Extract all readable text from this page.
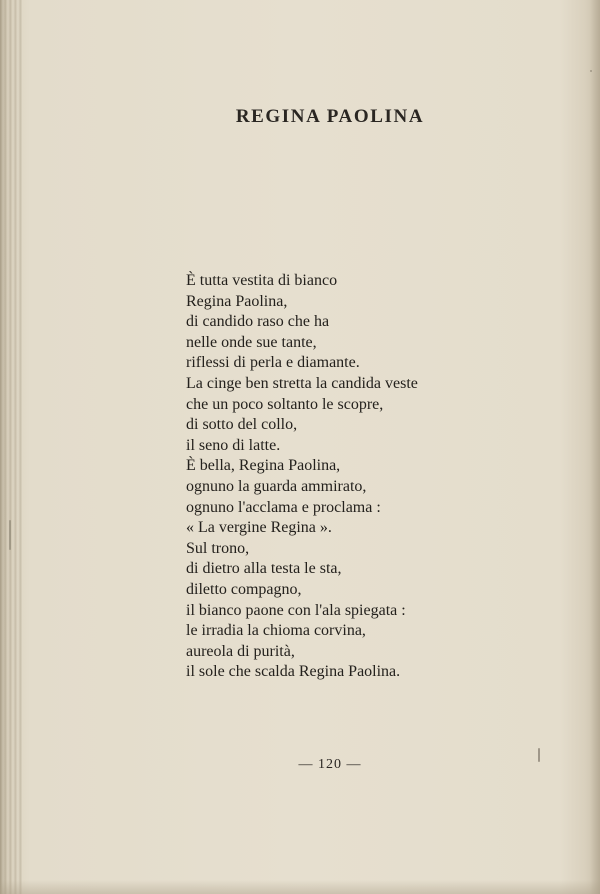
REGINA PAOLINA
È tutta vestita di bianco
Regina Paolina,
di candido raso che ha
nelle onde sue tante,
riflessi di perla e diamante.
La cinge ben stretta la candida veste
che un poco soltanto le scopre,
di sotto del collo,
il seno di latte.
È bella, Regina Paolina,
ognuno la guarda ammirato,
ognuno l'acclama e proclama :
« La vergine Regina ».
Sul trono,
di dietro alla testa le sta,
diletto compagno,
il bianco paone con l'ala spiegata :
le irradia la chioma corvina,
aureola di purità,
il sole che scalda Regina Paolina.
— 120 —
